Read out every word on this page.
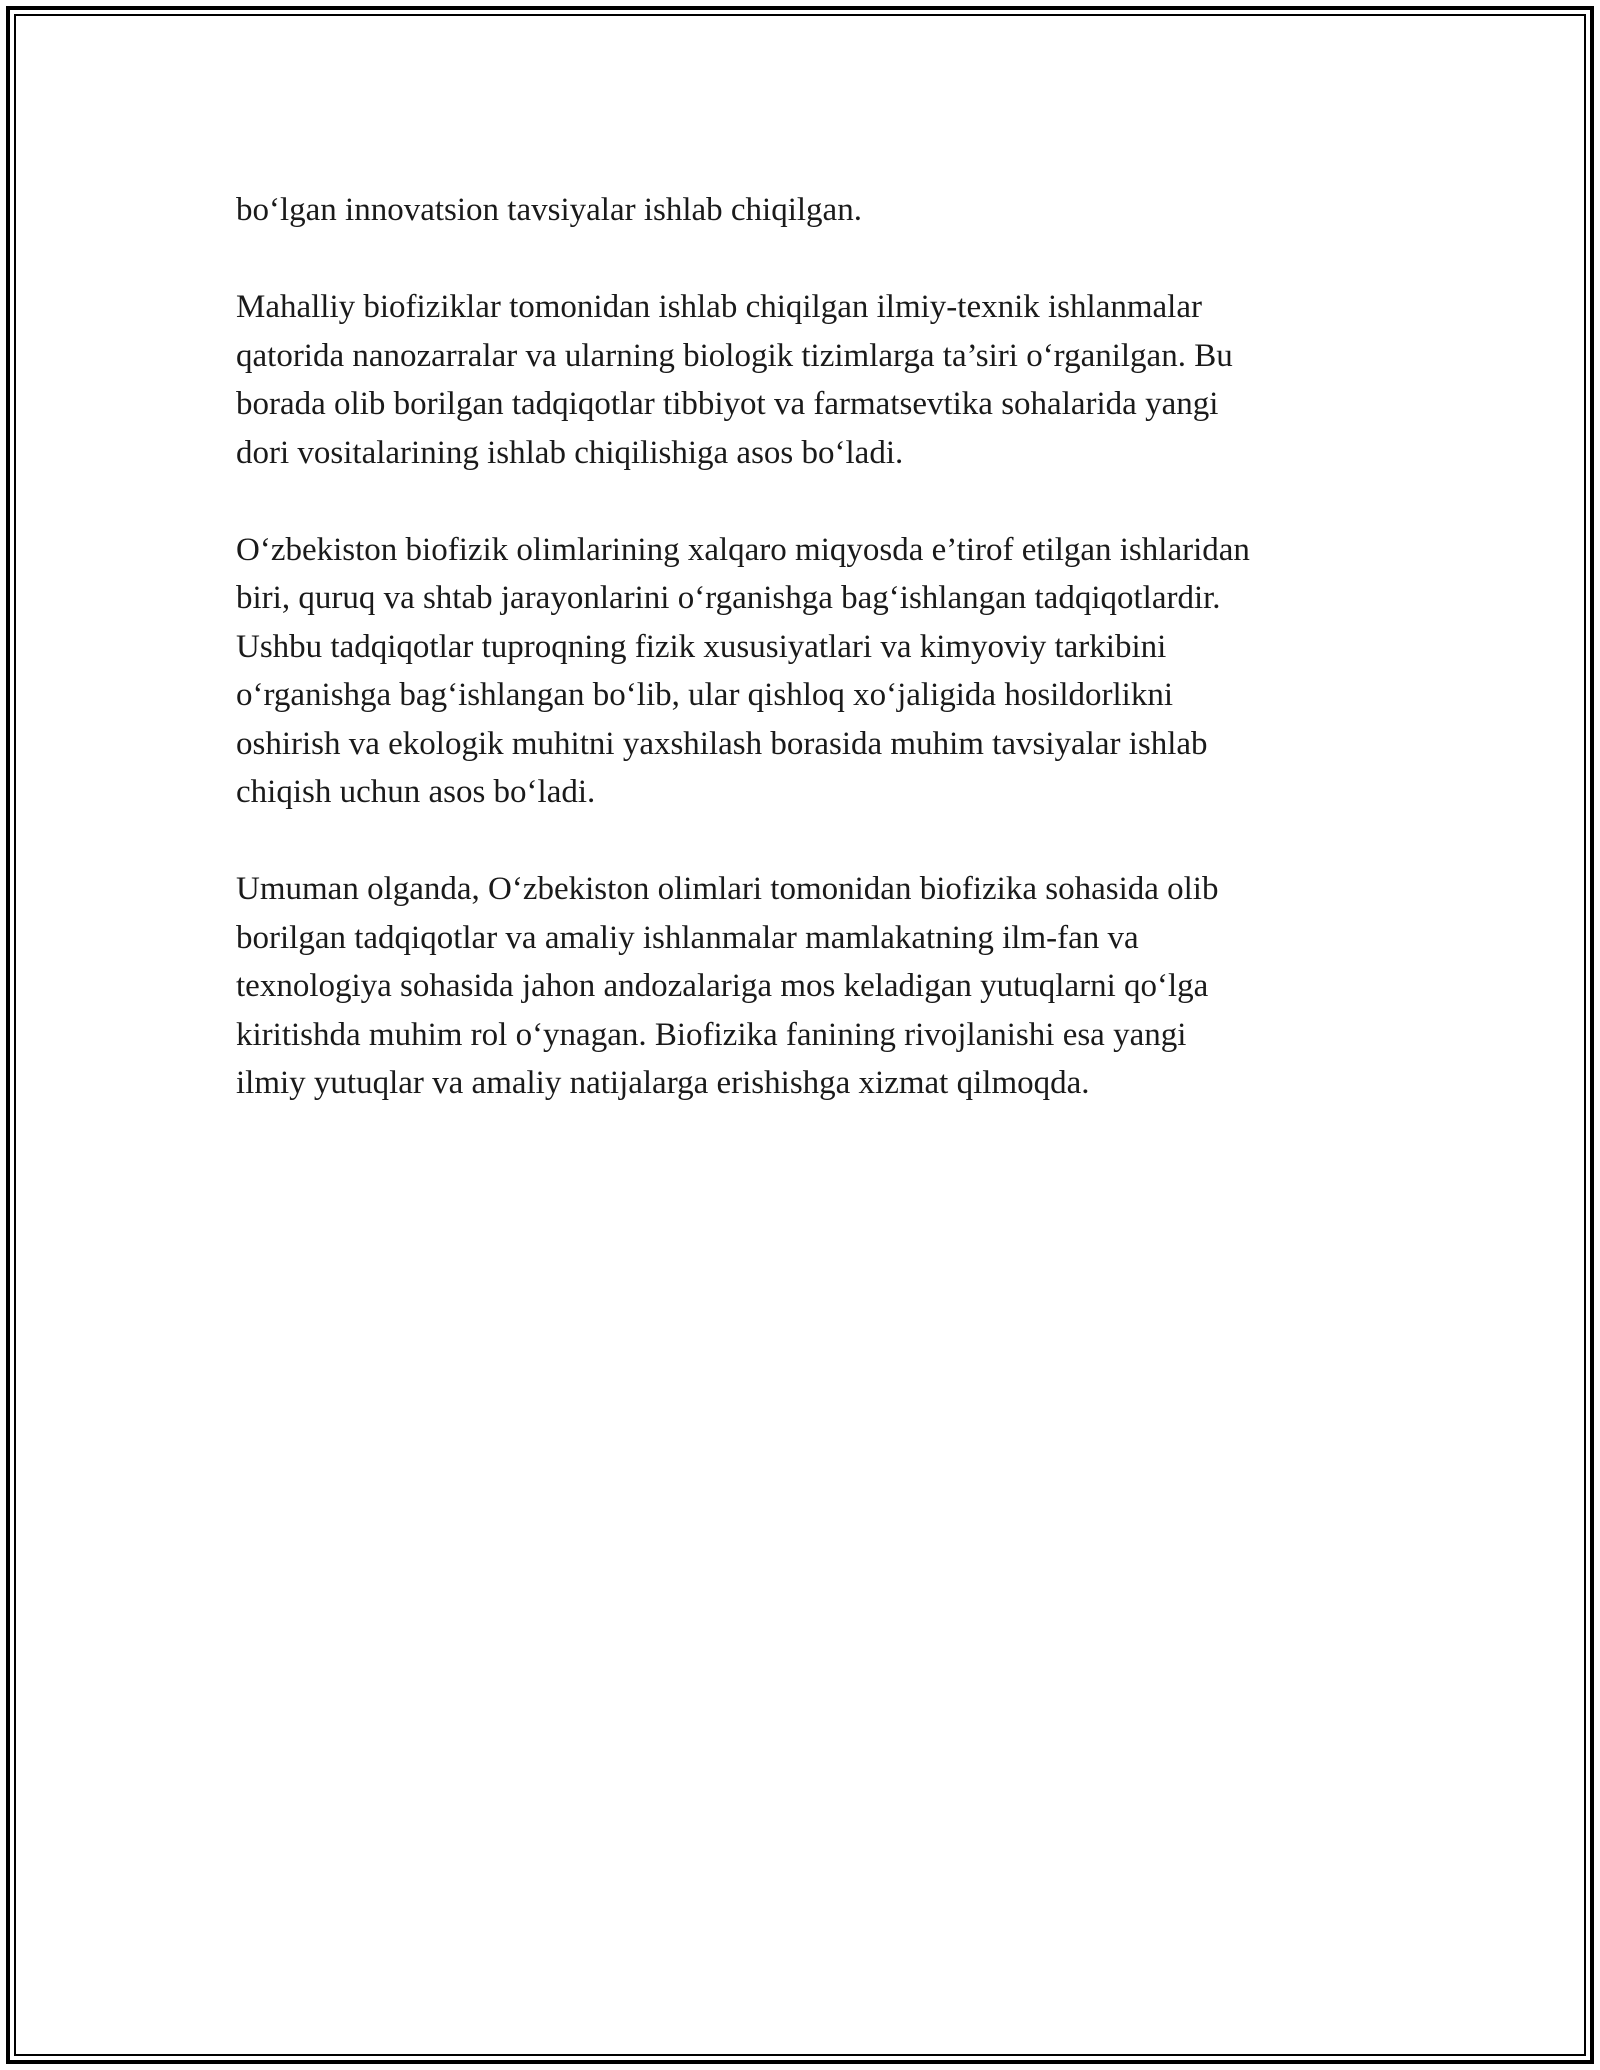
bo‘lgan innovatsion tavsiyalar ishlab chiqilgan.

Mahalliy biofiziklar tomonidan ishlab chiqilgan ilmiy-texnik ishlanmalar
qatorida nanozarralar va ularning biologik tizimlarga ta’siri o‘rganilgan. Bu
borada olib borilgan tadqiqotlar tibbiyot va farmatsevtika sohalarida yangi
dori vositalarining ishlab chiqilishiga asos bo‘ladi.

O‘zbekiston biofizik olimlarining xalqaro miqyosda e’tirof etilgan ishlaridan
biri, quruq va shtab jarayonlarini o‘rganishga bag‘ishlangan tadqiqotlardir.
Ushbu tadqiqotlar tuproqning fizik xususiyatlari va kimyoviy tarkibini
o‘rganishga bag‘ishlangan bo‘lib, ular qishloq xo‘jaligida hosildorlikni
oshirish va ekologik muhitni yaxshilash borasida muhim tavsiyalar ishlab
chiqish uchun asos bo‘ladi.

Umuman olganda, O‘zbekiston olimlari tomonidan biofizika sohasida olib
borilgan tadqiqotlar va amaliy ishlanmalar mamlakatning ilm-fan va
texnologiya sohasida jahon andozalariga mos keladigan yutuqlarni qo‘lga
kiritishda muhim rol o‘ynagan. Biofizika fanining rivojlanishi esa yangi
ilmiy yutuqlar va amaliy natijalarga erishishga xizmat qilmoqda.
